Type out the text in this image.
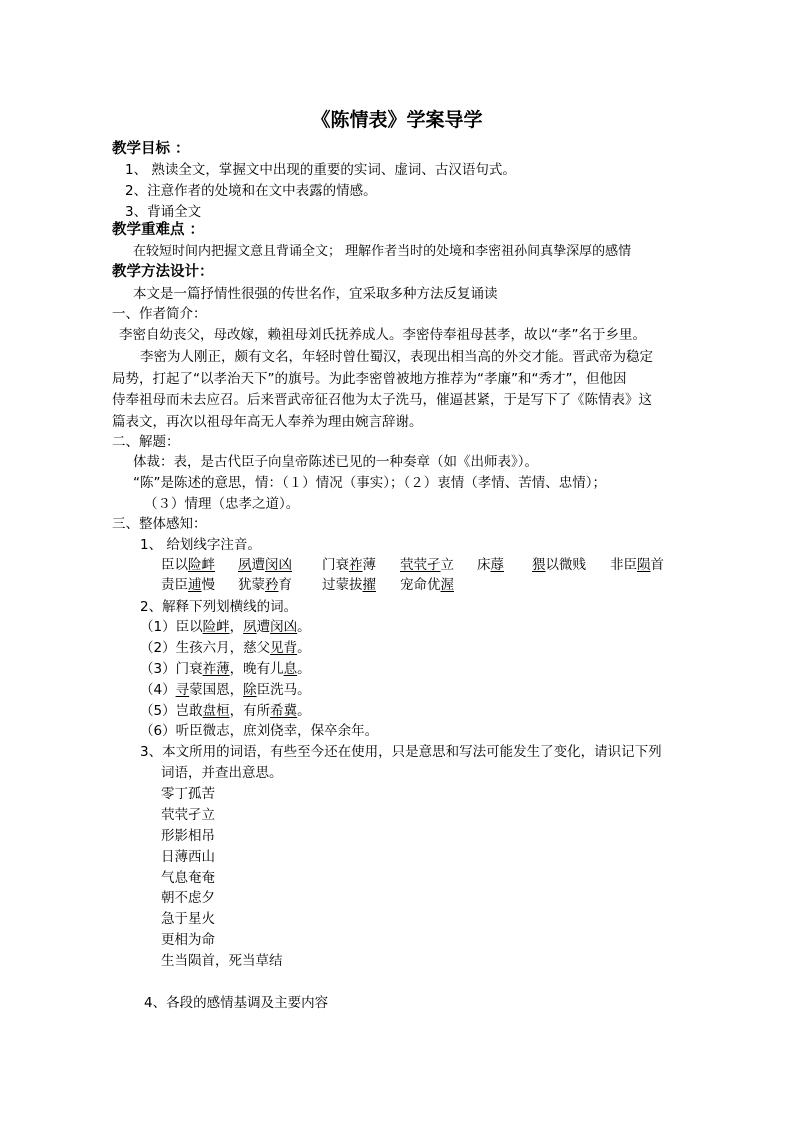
《陈情表》学案导学
教学目标 ：
1、 熟读全文，掌握文中出现的重要的实词、虚词、古汉语句式。
2、注意作者的处境和在文中表露的情感。
3、背诵全文
教学重难点 ：
在较短时间内把握文意且背诵全文； 理解作者当时的处境和李密祖孙间真挚深厚的感情
教学方法设计：
本文是一篇抒情性很强的传世名作，宜采取多种方法反复诵读
一、作者简介：
李密自幼丧父，母改嫁，赖祖母刘氏抚养成人。李密侍奉祖母甚孝，故以“孝”名于乡里。
李密为人刚正，颇有文名，年轻时曾仕蜀汉，表现出相当高的外交才能。晋武帝为稳定
局势，打起了“以孝治天下”的旗号。为此李密曾被地方推荐为“孝廉”和“秀才”，但他因
侍奉祖母而未去应召。后来晋武帝征召他为太子洗马，催逼甚紧，于是写下了《陈情表》这
篇表文，再次以祖母年高无人奉养为理由婉言辞谢。
二、解题：
体裁：表，是古代臣子向皇帝陈述已见的一种奏章（如《出师表》）。
“陈”是陈述的意思，情：（１）情况（事实）；（２）衷情（孝情、苦情、忠情）；
（３）情理（忠孝之道）。
三、整体感知：
1、 给划线字注音。
臣以险衅 夙遭闵凶 门衰祚薄 茕茕孑立 床蓐 猥以微贱 非臣陨首
责臣逋慢 犹蒙矜育 过蒙拔擢 宠命优渥
2、解释下列划横线的词。
（1）臣以险衅，夙遭闵凶。
（2）生孩六月，慈父见背。
（3）门衰祚薄，晚有儿息。
（4）寻蒙国恩，除臣洗马。
（5）岂敢盘桓，有所希冀。
（6）听臣微志，庶刘侥幸，保卒余年。
3、本文所用的词语，有些至今还在使用，只是意思和写法可能发生了变化，请识记下列
词语，并查出意思。
零丁孤苦
茕茕孑立
形影相吊
日薄西山
气息奄奄
朝不虑夕
急于星火
更相为命
生当陨首，死当草结
4、各段的感情基调及主要内容
